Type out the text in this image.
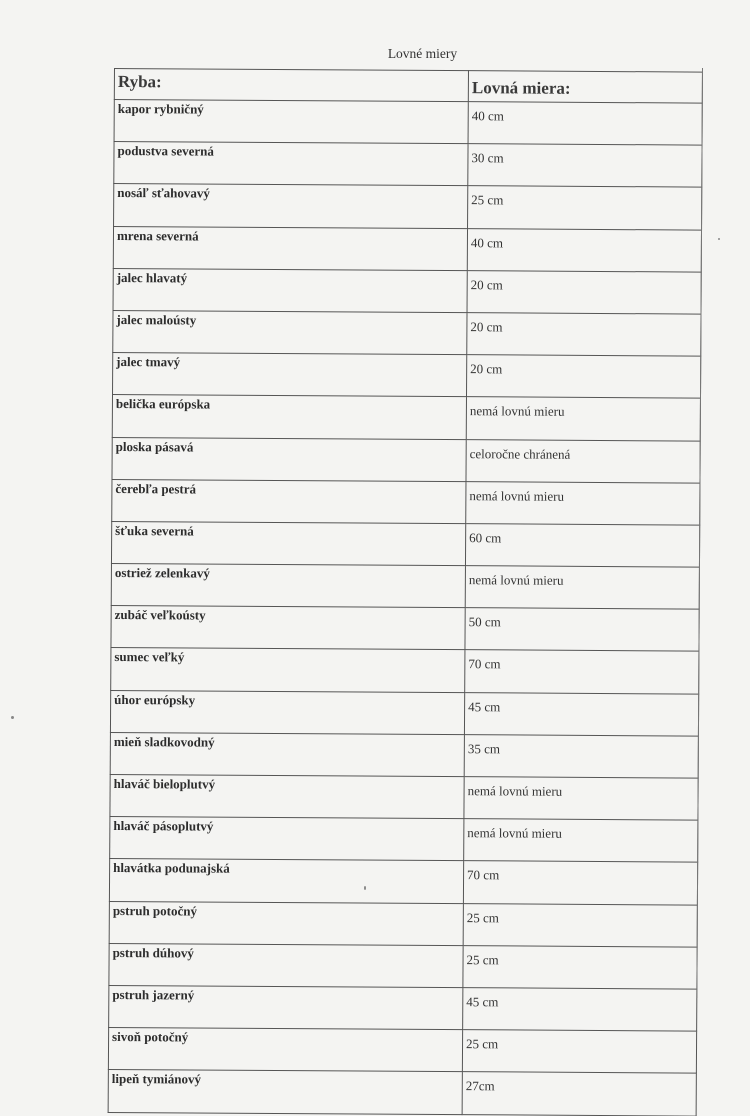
Lovné miery
Ryba:	Lovná miera:
kapor rybničný	40 cm
podustva severná	30 cm
nosáľ sťahovavý	25 cm
mrena severná	40 cm
jalec hlavatý	20 cm
jalec maloústy	20 cm
jalec tmavý	20 cm
belička európska	nemá lovnú mieru
ploska pásavá	celoročne chránená
čerebľa pestrá	nemá lovnú mieru
šťuka severná	60 cm
ostriež zelenkavý	nemá lovnú mieru
zubáč veľkoústy	50 cm
sumec veľký	70 cm
úhor európsky	45 cm
mieň sladkovodný	35 cm
hlaváč bieloplutvý	nemá lovnú mieru
hlaváč pásoplutvý	nemá lovnú mieru
hlavátka podunajská	70 cm
pstruh potočný	25 cm
pstruh dúhový	25 cm
pstruh jazerný	45 cm
sivoň potočný	25 cm
lipeň tymiánový	27cm
